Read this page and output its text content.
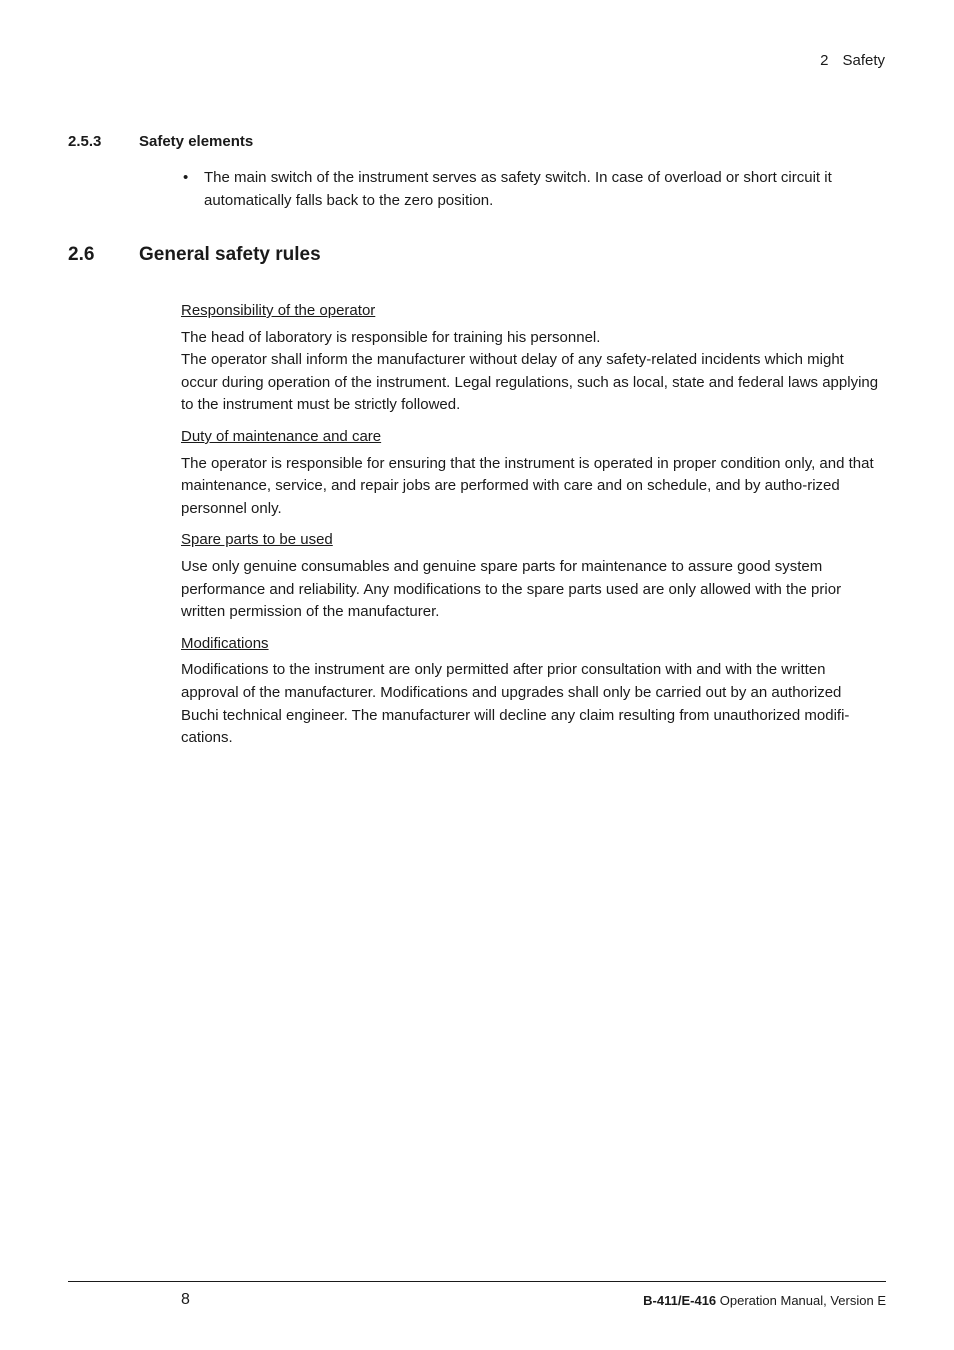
2 Safety
2.5.3	Safety elements
• The main switch of the instrument serves as safety switch. In case of overload or short circuit it automatically falls back to the zero position.
2.6 General safety rules
Responsibility of the operator
The head of laboratory is responsible for training his personnel.
The operator shall inform the manufacturer without delay of any safety-related incidents which might occur during operation of the instrument. Legal regulations, such as local, state and federal laws applying to the instrument must be strictly followed.
Duty of maintenance and care

The operator is responsible for ensuring that the instrument is operated in proper condition only, and that maintenance, service, and repair jobs are performed with care and on schedule, and by autho-rized personnel only.

Spare parts to be used

Use only genuine consumables and genuine spare parts for maintenance to assure good system performance and reliability. Any modifications to the spare parts used are only allowed with the prior written permission of the manufacturer.

Modifications

Modifications to the instrument are only permitted after prior consultation with and with the written approval of the manufacturer. Modifications and upgrades shall only be carried out by an authorized Buchi technical engineer. The manufacturer will decline any claim resulting from unauthorized modifi-cations.

8	B-411/E-416 Operation Manual, Version E
